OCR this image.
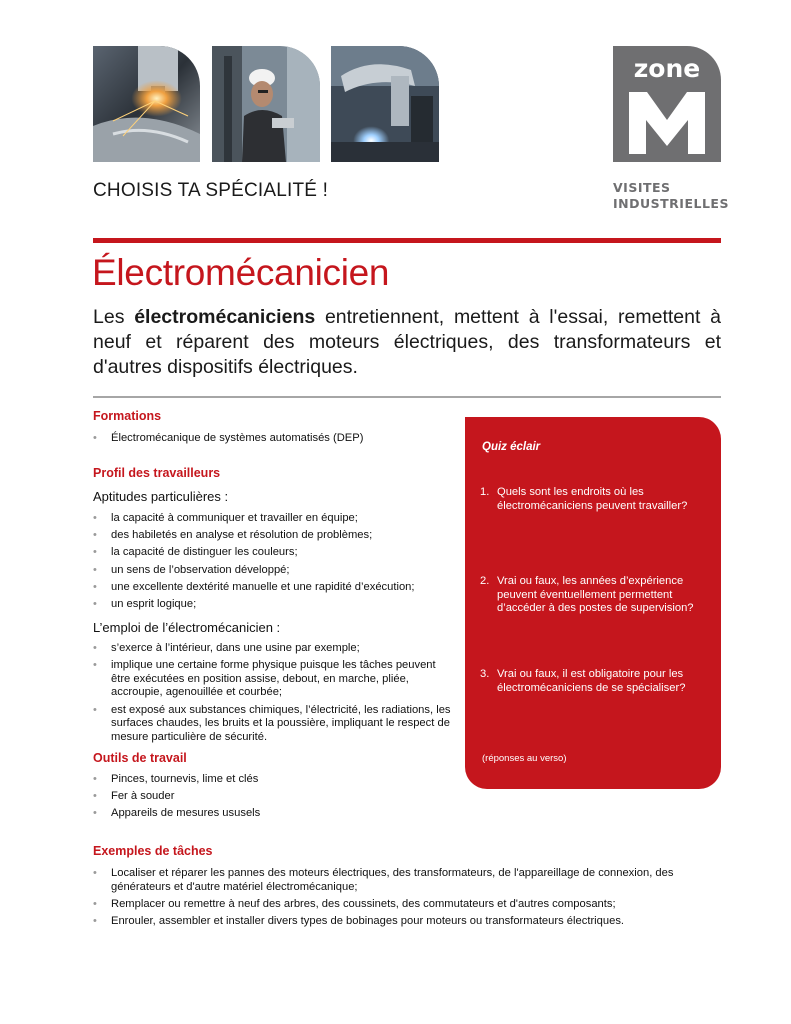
zone
VISITES
INDUSTRIELLES
CHOISIS TA SPÉCIALITÉ !
Électromécanicien

Les électromécaniciens entretiennent, mettent à l'essai, remettent à neuf et réparent des moteurs électriques, des transformateurs et d'autres dispositifs électriques.

Formations
• Électromécanique de systèmes automatisés (DEP)
Profil des travailleurs
Aptitudes particulières :
• la capacité à communiquer et travailler en équipe;
• des habiletés en analyse et résolution de problèmes;
• la capacité de distinguer les couleurs;
• un sens de l’observation développé;
• une excellente dextérité manuelle et une rapidité d’exécution;
• un esprit logique;
L’emploi de l’électromécanicien :
• s’exerce à l’intérieur, dans une usine par exemple;
• implique une certaine forme physique puisque les tâches peuvent être exécutées en position assise, debout, en marche, pliée, accroupie, agenouillée et courbée;
• est exposé aux substances chimiques, l’électricité, les radiations, les surfaces chaudes, les bruits et la poussière, impliquant le respect de mesure particulière de sécurité.
Outils de travail
• Pinces, tournevis, lime et clés
• Fer à souder
• Appareils de mesures ususels
Exemples de tâches
• Localiser et réparer les pannes des moteurs électriques, des transformateurs, de l'appareillage de connexion, des générateurs et d'autre matériel électromécanique;
• Remplacer ou remettre à neuf des arbres, des coussinets, des commutateurs et d'autres composants;
• Enrouler, assembler et installer divers types de bobinages pour moteurs ou transformateurs électriques.
Quiz éclair
1. Quels sont les endroits où les électromécaniciens peuvent travailler?
2. Vrai ou faux, les années d’expérience peuvent éventuellement permettent d’accéder à des postes de supervision?
3. Vrai ou faux, il est obligatoire pour les électromécaniciens de se spécialiser?
(réponses au verso)
